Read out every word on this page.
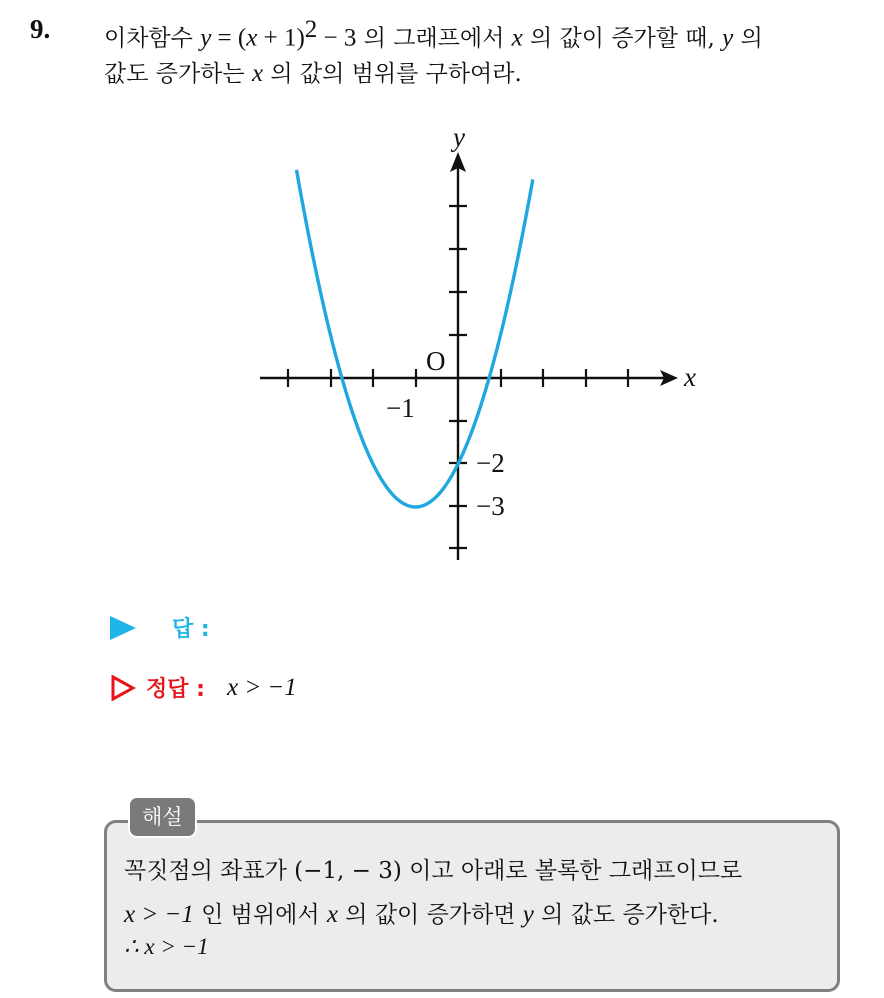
9. 이차함수 $y = (x + 1)^2 - 3$ 의 그래프에서 x 의 값이 증가할 때, y 의
값도 증가하는 x 의 값의 범위를 구하여라.
y
x
O
−1
−2
−3
답 :
정답 : x > −1
해설
꼭짓점의 좌표가 (−1, − 3) 이고 아래로 볼록한 그래프이므로
x > −1 인 범위에서 x 의 값이 증가하면 y 의 값도 증가한다.
∴ x > −1
